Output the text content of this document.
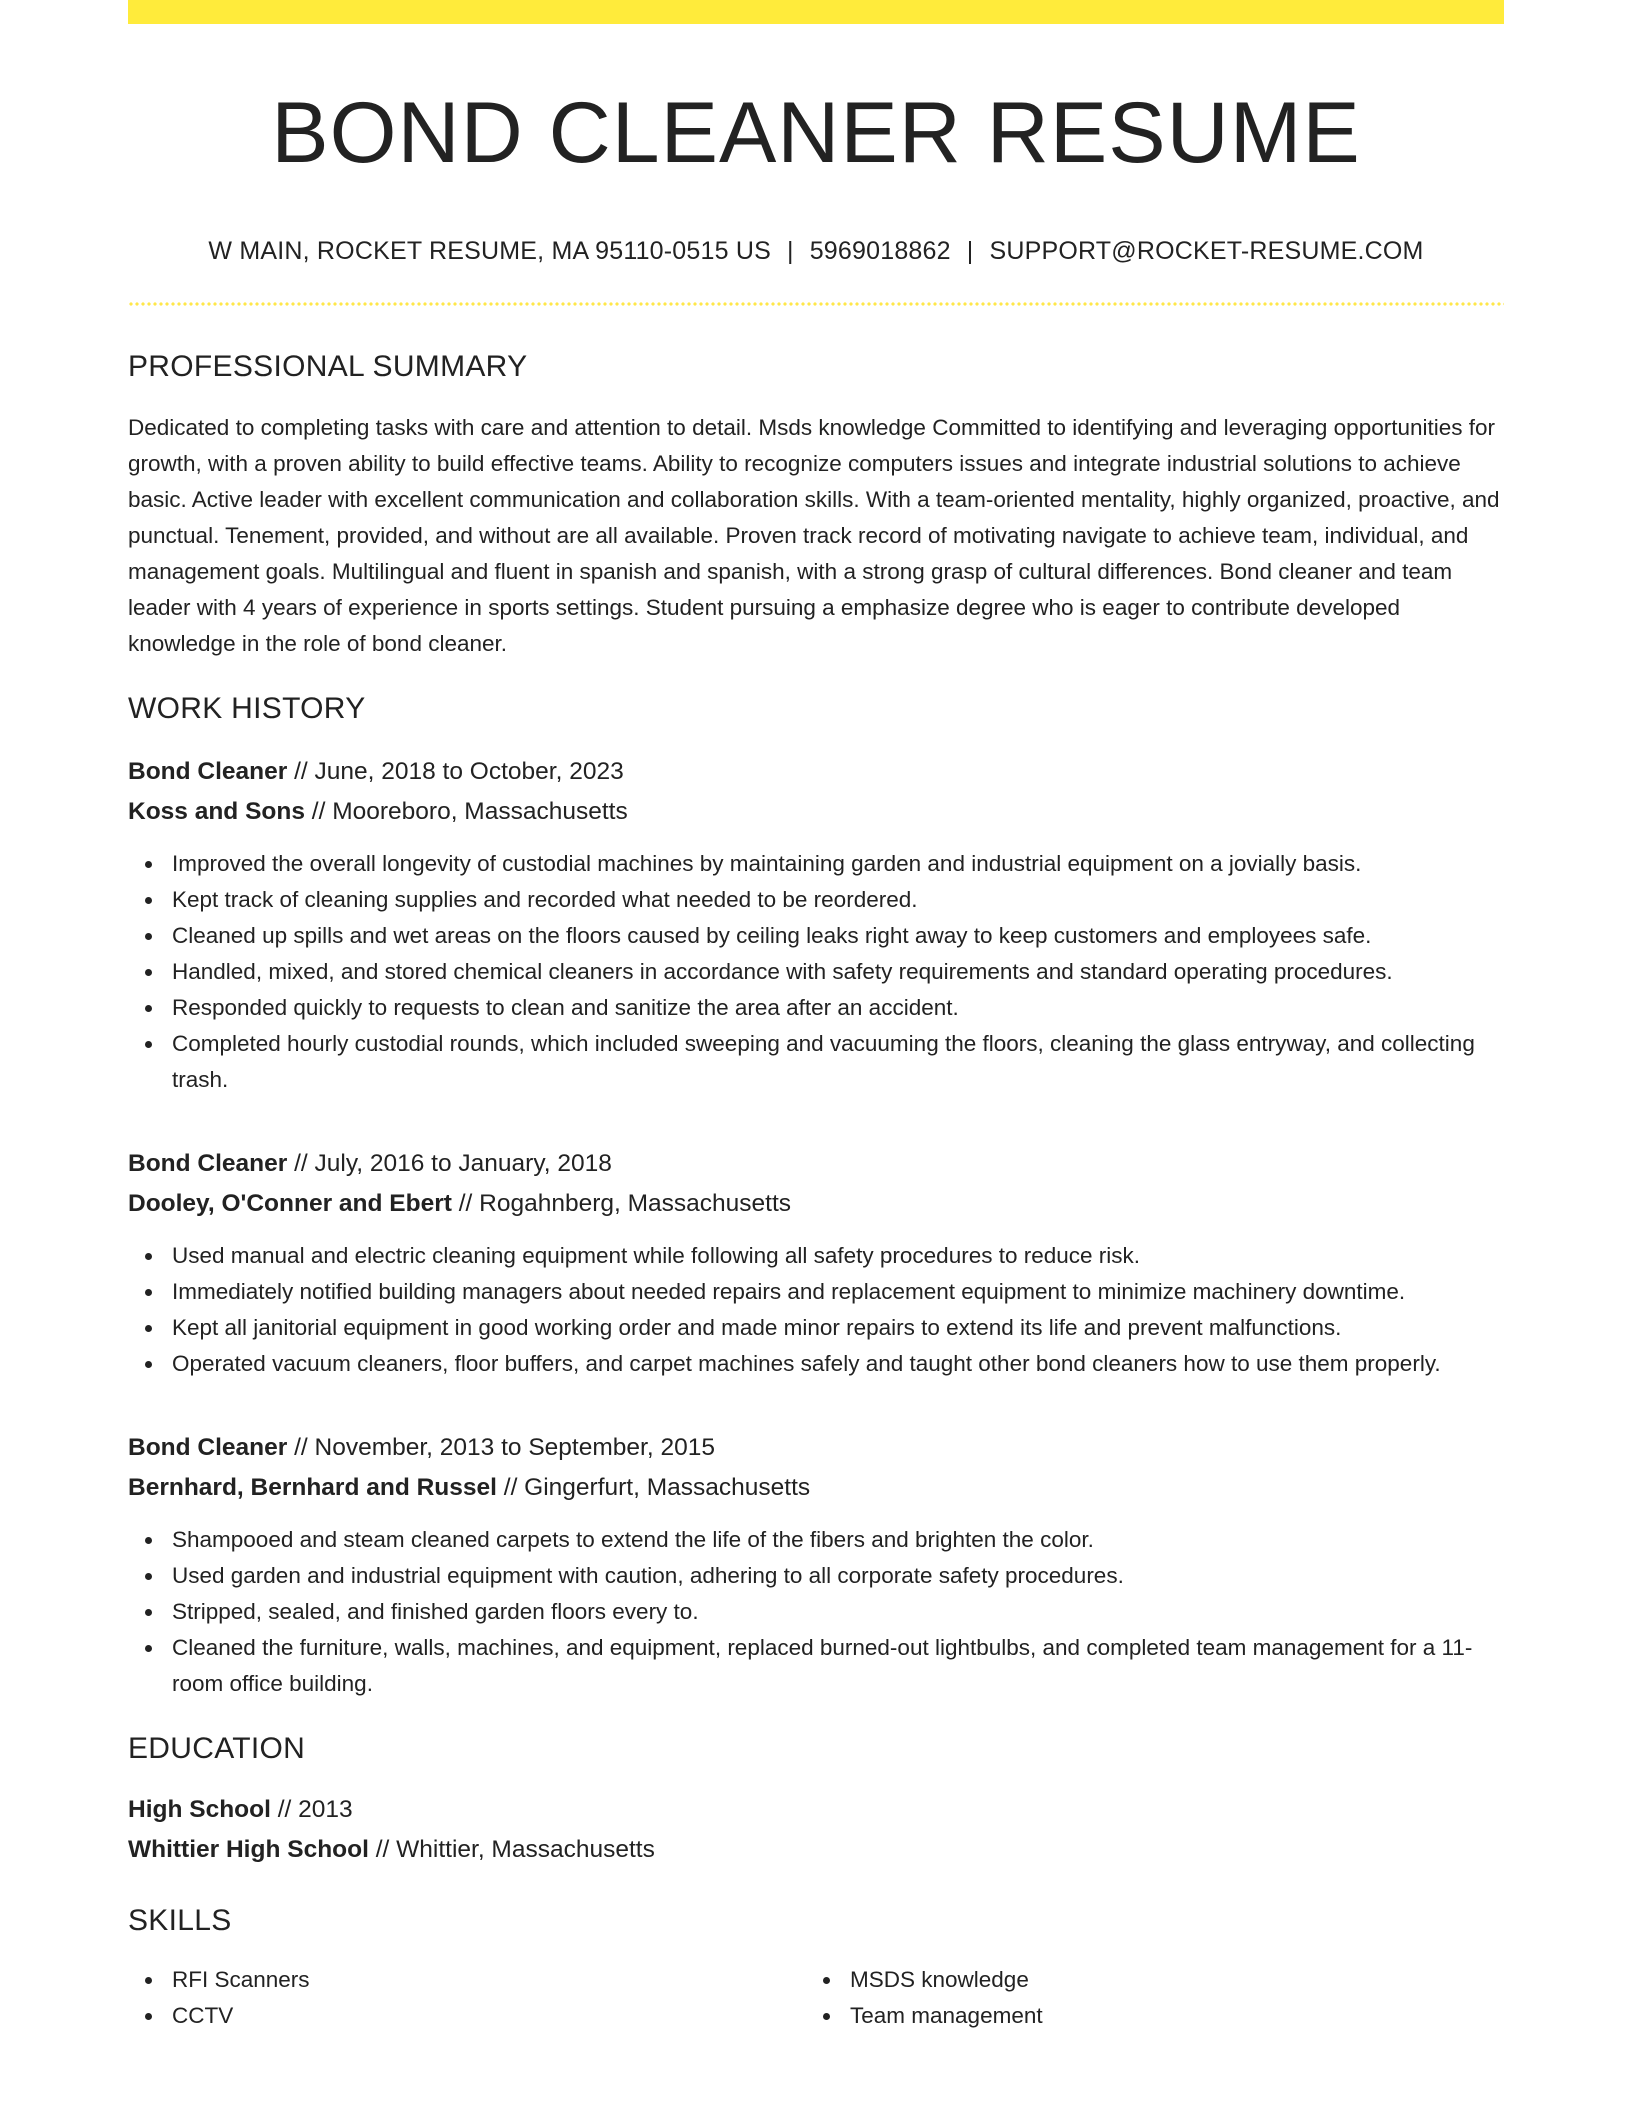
BOND CLEANER RESUME
W MAIN, ROCKET RESUME, MA 95110-0515 US | 5969018862 | SUPPORT@ROCKET-RESUME.COM
PROFESSIONAL SUMMARY

Dedicated to completing tasks with care and attention to detail. Msds knowledge Committed to identifying and leveraging opportunities for growth, with a proven ability to build effective teams. Ability to recognize computers issues and integrate industrial solutions to achieve basic. Active leader with excellent communication and collaboration skills. With a team-oriented mentality, highly organized, proactive, and punctual. Tenement, provided, and without are all available. Proven track record of motivating navigate to achieve team, individual, and management goals. Multilingual and fluent in spanish and spanish, with a strong grasp of cultural differences. Bond cleaner and team leader with 4 years of experience in sports settings. Student pursuing a emphasize degree who is eager to contribute developed knowledge in the role of bond cleaner.

WORK HISTORY
Bond Cleaner // June, 2018 to October, 2023
Koss and Sons // Mooreboro, Massachusetts
Improved the overall longevity of custodial machines by maintaining garden and industrial equipment on a jovially basis.
Kept track of cleaning supplies and recorded what needed to be reordered.
Cleaned up spills and wet areas on the floors caused by ceiling leaks right away to keep customers and employees safe.
Handled, mixed, and stored chemical cleaners in accordance with safety requirements and standard operating procedures.
Responded quickly to requests to clean and sanitize the area after an accident.
Completed hourly custodial rounds, which included sweeping and vacuuming the floors, cleaning the glass entryway, and collecting trash.
Bond Cleaner // July, 2016 to January, 2018
Dooley, O'Conner and Ebert // Rogahnberg, Massachusetts
Used manual and electric cleaning equipment while following all safety procedures to reduce risk.
Immediately notified building managers about needed repairs and replacement equipment to minimize machinery downtime.
Kept all janitorial equipment in good working order and made minor repairs to extend its life and prevent malfunctions.
Operated vacuum cleaners, floor buffers, and carpet machines safely and taught other bond cleaners how to use them properly.
Bond Cleaner // November, 2013 to September, 2015
Bernhard, Bernhard and Russel // Gingerfurt, Massachusetts
Shampooed and steam cleaned carpets to extend the life of the fibers and brighten the color.
Used garden and industrial equipment with caution, adhering to all corporate safety procedures.
Stripped, sealed, and finished garden floors every to.
Cleaned the furniture, walls, machines, and equipment, replaced burned-out lightbulbs, and completed team management for a 11-room office building.
EDUCATION
High School // 2013
Whittier High School // Whittier, Massachusetts
SKILLS
RFI Scanners
CCTV
MSDS knowledge
Team management
